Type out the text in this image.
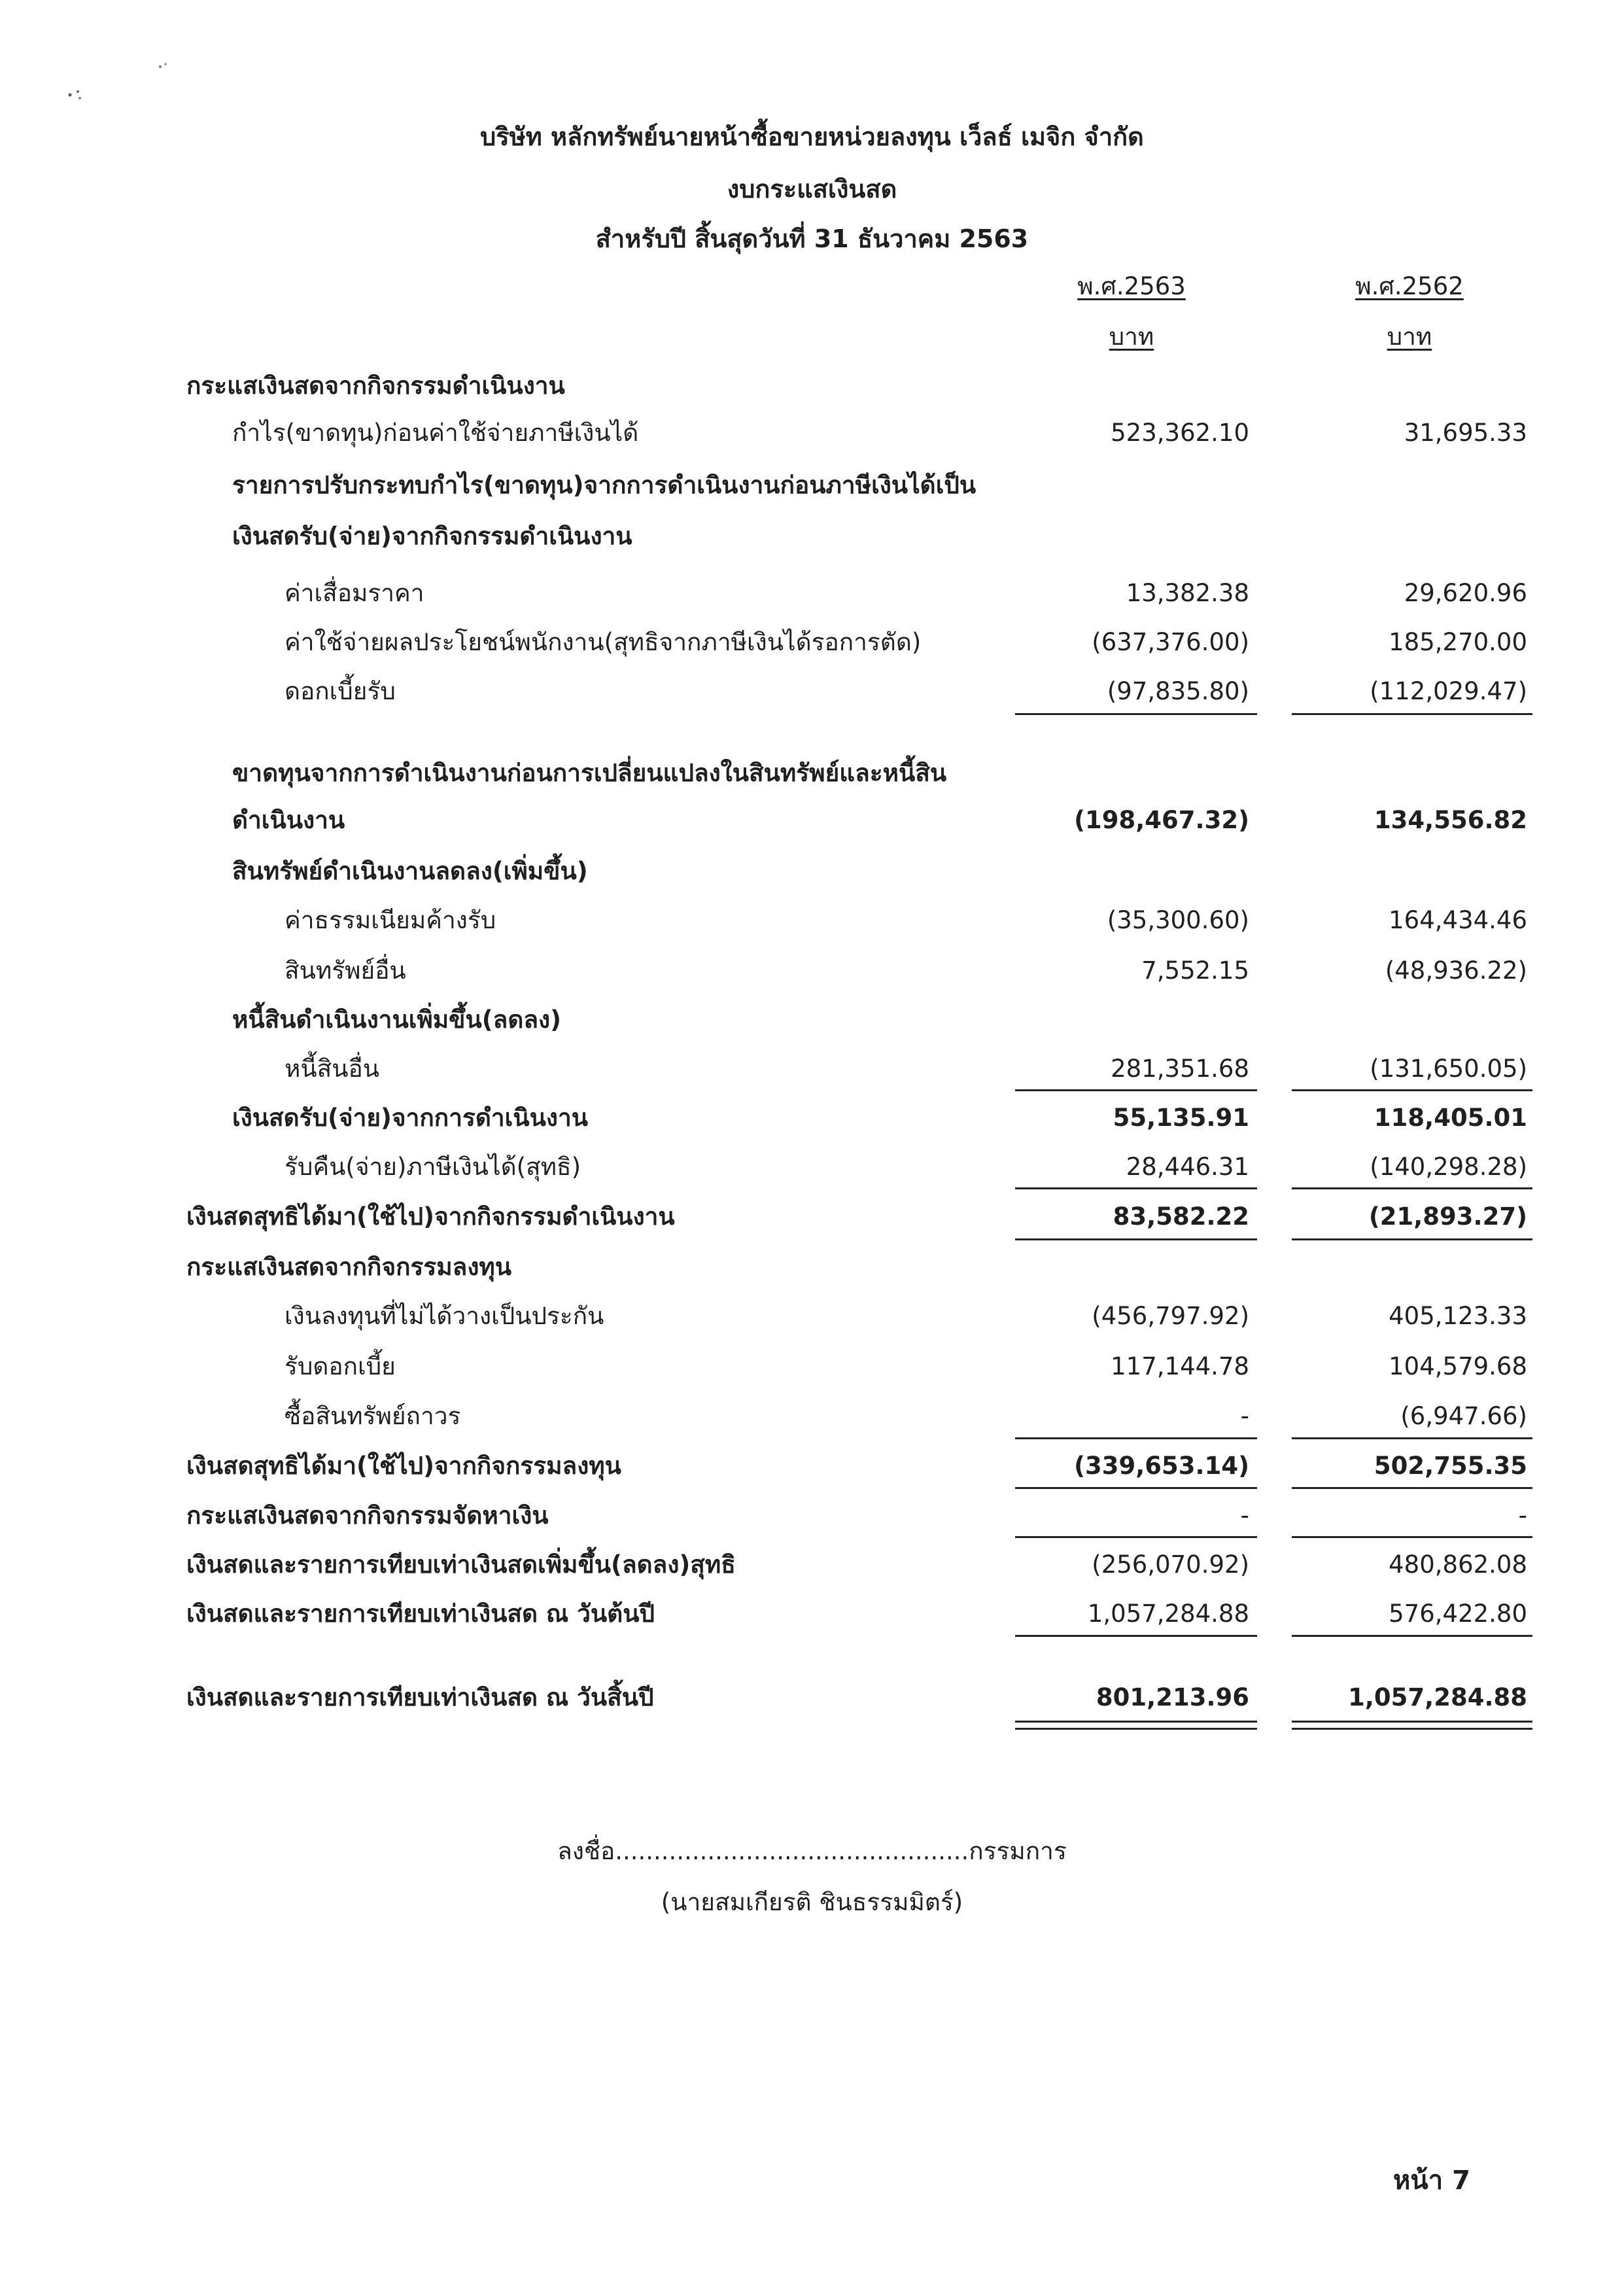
บริษัท หลักทรัพย์นายหน้าซื้อขายหน่วยลงทุน เว็ลธ์ เมจิก จำกัด
งบกระแสเงินสด
สำหรับปี สิ้นสุดวันที่ 31 ธันวาคม 2563
พ.ศ.2563	พ.ศ.2562
บาท	บาท
กระแสเงินสดจากกิจกรรมดำเนินงาน
กำไร(ขาดทุน)ก่อนค่าใช้จ่ายภาษีเงินได้	523,362.10	31,695.33
รายการปรับกระทบกำไร(ขาดทุน)จากการดำเนินงานก่อนภาษีเงินได้เป็น
เงินสดรับ(จ่าย)จากกิจกรรมดำเนินงาน
ค่าเสื่อมราคา	13,382.38	29,620.96
ค่าใช้จ่ายผลประโยชน์พนักงาน(สุทธิจากภาษีเงินได้รอการตัด)	(637,376.00)	185,270.00
ดอกเบี้ยรับ	(97,835.80)	(112,029.47)
ขาดทุนจากการดำเนินงานก่อนการเปลี่ยนแปลงในสินทรัพย์และหนี้สิน
ดำเนินงาน	(198,467.32)	134,556.82
สินทรัพย์ดำเนินงานลดลง(เพิ่มขึ้น)
ค่าธรรมเนียมค้างรับ	(35,300.60)	164,434.46
สินทรัพย์อื่น	7,552.15	(48,936.22)
หนี้สินดำเนินงานเพิ่มขึ้น(ลดลง)
หนี้สินอื่น	281,351.68	(131,650.05)
เงินสดรับ(จ่าย)จากการดำเนินงาน	55,135.91	118,405.01
รับคืน(จ่าย)ภาษีเงินได้(สุทธิ)	28,446.31	(140,298.28)
เงินสดสุทธิได้มา(ใช้ไป)จากกิจกรรมดำเนินงาน	83,582.22	(21,893.27)
กระแสเงินสดจากกิจกรรมลงทุน
เงินลงทุนที่ไม่ได้วางเป็นประกัน	(456,797.92)	405,123.33
รับดอกเบี้ย	117,144.78	104,579.68
ซื้อสินทรัพย์ถาวร	-	(6,947.66)
เงินสดสุทธิได้มา(ใช้ไป)จากกิจกรรมลงทุน	(339,653.14)	502,755.35
กระแสเงินสดจากกิจกรรมจัดหาเงิน	-	-
เงินสดและรายการเทียบเท่าเงินสดเพิ่มขึ้น(ลดลง)สุทธิ	(256,070.92)	480,862.08
เงินสดและรายการเทียบเท่าเงินสด ณ วันต้นปี	1,057,284.88	576,422.80
เงินสดและรายการเทียบเท่าเงินสด ณ วันสิ้นปี	801,213.96	1,057,284.88
ลงชื่อ..............................................กรรมการ
(นายสมเกียรติ ชินธรรมมิตร์)
หน้า 7
